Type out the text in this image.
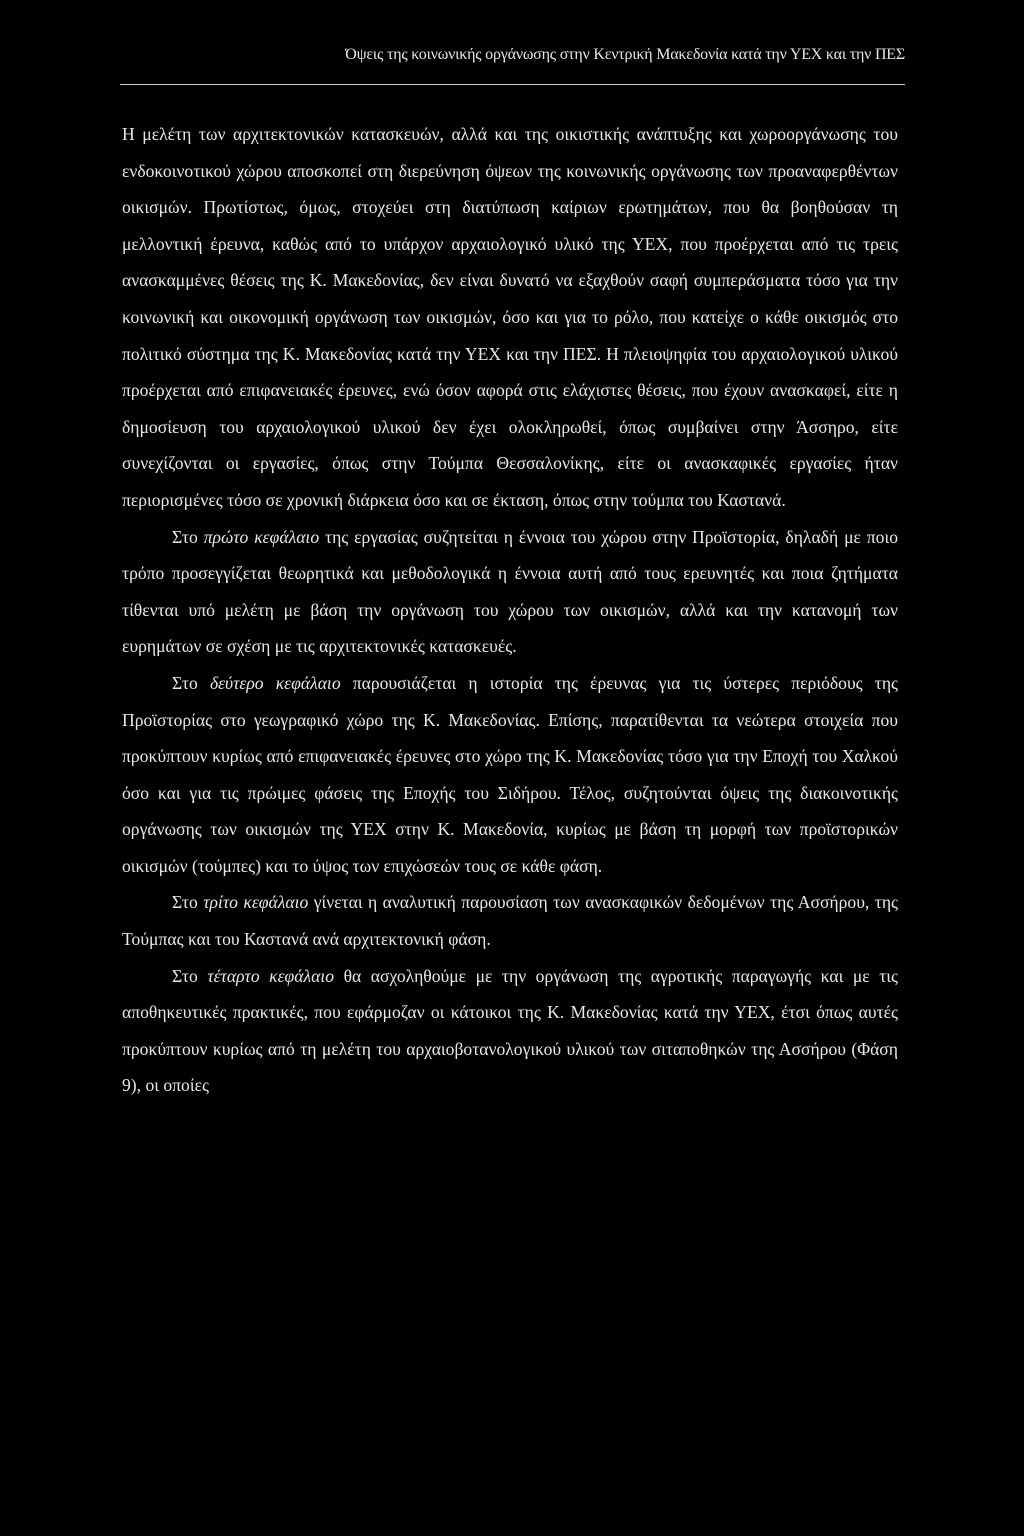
Όψεις της κοινωνικής οργάνωσης στην Κεντρική Μακεδονία κατά την ΥΕΧ και την ΠΕΣ

Η μελέτη των αρχιτεκτονικών κατασκευών, αλλά και της οικιστικής ανάπτυξης και χωροοργάνωσης του ενδοκοινοτικού χώρου αποσκοπεί στη διερεύνηση όψεων της κοινωνικής οργάνωσης των προαναφερθέντων οικισμών. Πρωτίστως, όμως, στοχεύει στη διατύπωση καίριων ερωτημάτων, που θα βοηθούσαν τη μελλοντική έρευνα, καθώς από το υπάρχον αρχαιολογικό υλικό της ΥΕΧ, που προέρχεται από τις τρεις ανασκαμμένες θέσεις της Κ. Μακεδονίας, δεν είναι δυνατό να εξαχθούν σαφή συμπεράσματα τόσο για την κοινωνική και οικονομική οργάνωση των οικισμών, όσο και για το ρόλο, που κατείχε ο κάθε οικισμός στο πολιτικό σύστημα της Κ. Μακεδονίας κατά την ΥΕΧ και την ΠΕΣ. Η πλειοψηφία του αρχαιολογικού υλικού προέρχεται από επιφανειακές έρευνες, ενώ όσον αφορά στις ελάχιστες θέσεις, που έχουν ανασκαφεί, είτε η δημοσίευση του αρχαιολογικού υλικού δεν έχει ολοκληρωθεί, όπως συμβαίνει στην Άσσηρο, είτε συνεχίζονται οι εργασίες, όπως στην Τούμπα Θεσσαλονίκης, είτε οι ανασκαφικές εργασίες ήταν περιορισμένες τόσο σε χρονική διάρκεια όσο και σε έκταση, όπως στην τούμπα του Καστανά.

Στο πρώτο κεφάλαιο της εργασίας συζητείται η έννοια του χώρου στην Προϊστορία, δηλαδή με ποιο τρόπο προσεγγίζεται θεωρητικά και μεθοδολογικά η έννοια αυτή από τους ερευνητές και ποια ζητήματα τίθενται υπό μελέτη με βάση την οργάνωση του χώρου των οικισμών, αλλά και την κατανομή των ευρημάτων σε σχέση με τις αρχιτεκτονικές κατασκευές.

Στο δεύτερο κεφάλαιο παρουσιάζεται η ιστορία της έρευνας για τις ύστερες περιόδους της Προϊστορίας στο γεωγραφικό χώρο της Κ. Μακεδονίας. Επίσης, παρατίθενται τα νεώτερα στοιχεία που προκύπτουν κυρίως από επιφανειακές έρευνες στο χώρο της Κ. Μακεδονίας τόσο για την Εποχή του Χαλκού όσο και για τις πρώιμες φάσεις της Εποχής του Σιδήρου. Τέλος, συζητούνται όψεις της διακοινοτικής οργάνωσης των οικισμών της ΥΕΧ στην Κ. Μακεδονία, κυρίως με βάση τη μορφή των προϊστορικών οικισμών (τούμπες) και το ύψος των επιχώσεών τους σε κάθε φάση.

Στο τρίτο κεφάλαιο γίνεται η αναλυτική παρουσίαση των ανασκαφικών δεδομένων της Ασσήρου, της Τούμπας και του Καστανά ανά αρχιτεκτονική φάση.

Στο τέταρτο κεφάλαιο θα ασχοληθούμε με την οργάνωση της αγροτικής παραγωγής και με τις αποθηκευτικές πρακτικές, που εφάρμοζαν οι κάτοικοι της Κ. Μακεδονίας κατά την ΥΕΧ, έτσι όπως αυτές προκύπτουν κυρίως από τη μελέτη του αρχαιοβοτανολογικού υλικού των σιταποθηκών της Ασσήρου (Φάση 9), οι οποίες
